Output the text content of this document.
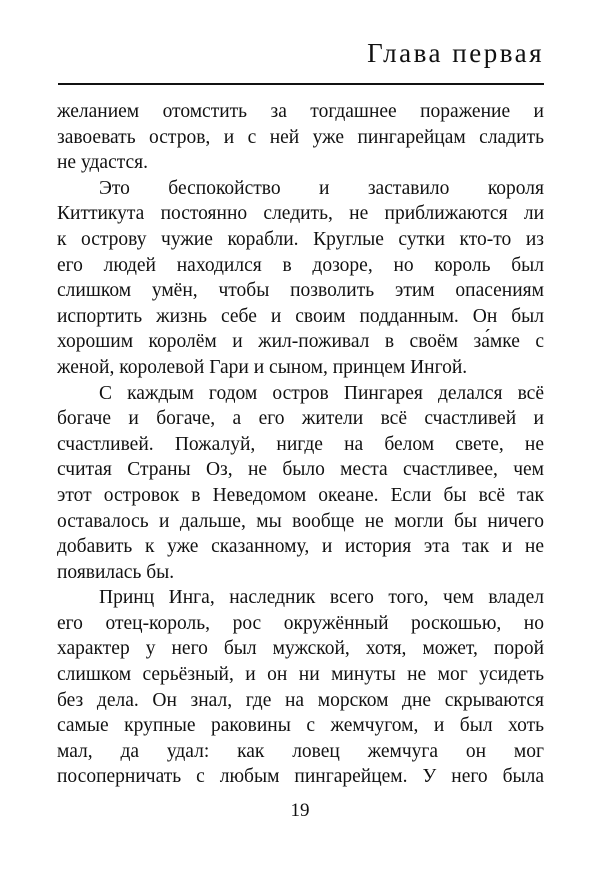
Глава первая
желанием отомстить за тогдашнее поражение и
завоевать остров, и с ней уже пингарейцам сладить
не удастся.
Это беспокойство и заставило короля
Киттикута постоянно следить, не приближаются ли
к острову чужие корабли. Круглые сутки кто-то из
его людей находился в дозоре, но король был
слишком умён, чтобы позволить этим опасениям
испортить жизнь себе и своим подданным. Он был
хорошим королём и жил-поживал в своём за́мке с
женой, королевой Гари и сыном, принцем Ингой.
С каждым годом остров Пингарея делался всё
богаче и богаче, а его жители всё счастливей и
счастливей. Пожалуй, нигде на белом свете, не
считая Страны Оз, не было места счастливее, чем
этот островок в Неведомом океане. Если бы всё так
оставалось и дальше, мы вообще не могли бы ничего
добавить к уже сказанному, и история эта так и не
появилась бы.
Принц Инга, наследник всего того, чем владел
его отец-король, рос окружённый роскошью, но
характер у него был мужской, хотя, может, порой
слишком серьёзный, и он ни минуты не мог усидеть
без дела. Он знал, где на морском дне скрываются
самые крупные раковины с жемчугом, и был хоть
мал, да удал: как ловец жемчуга он мог
посоперничать с любым пингарейцем. У него была
19
